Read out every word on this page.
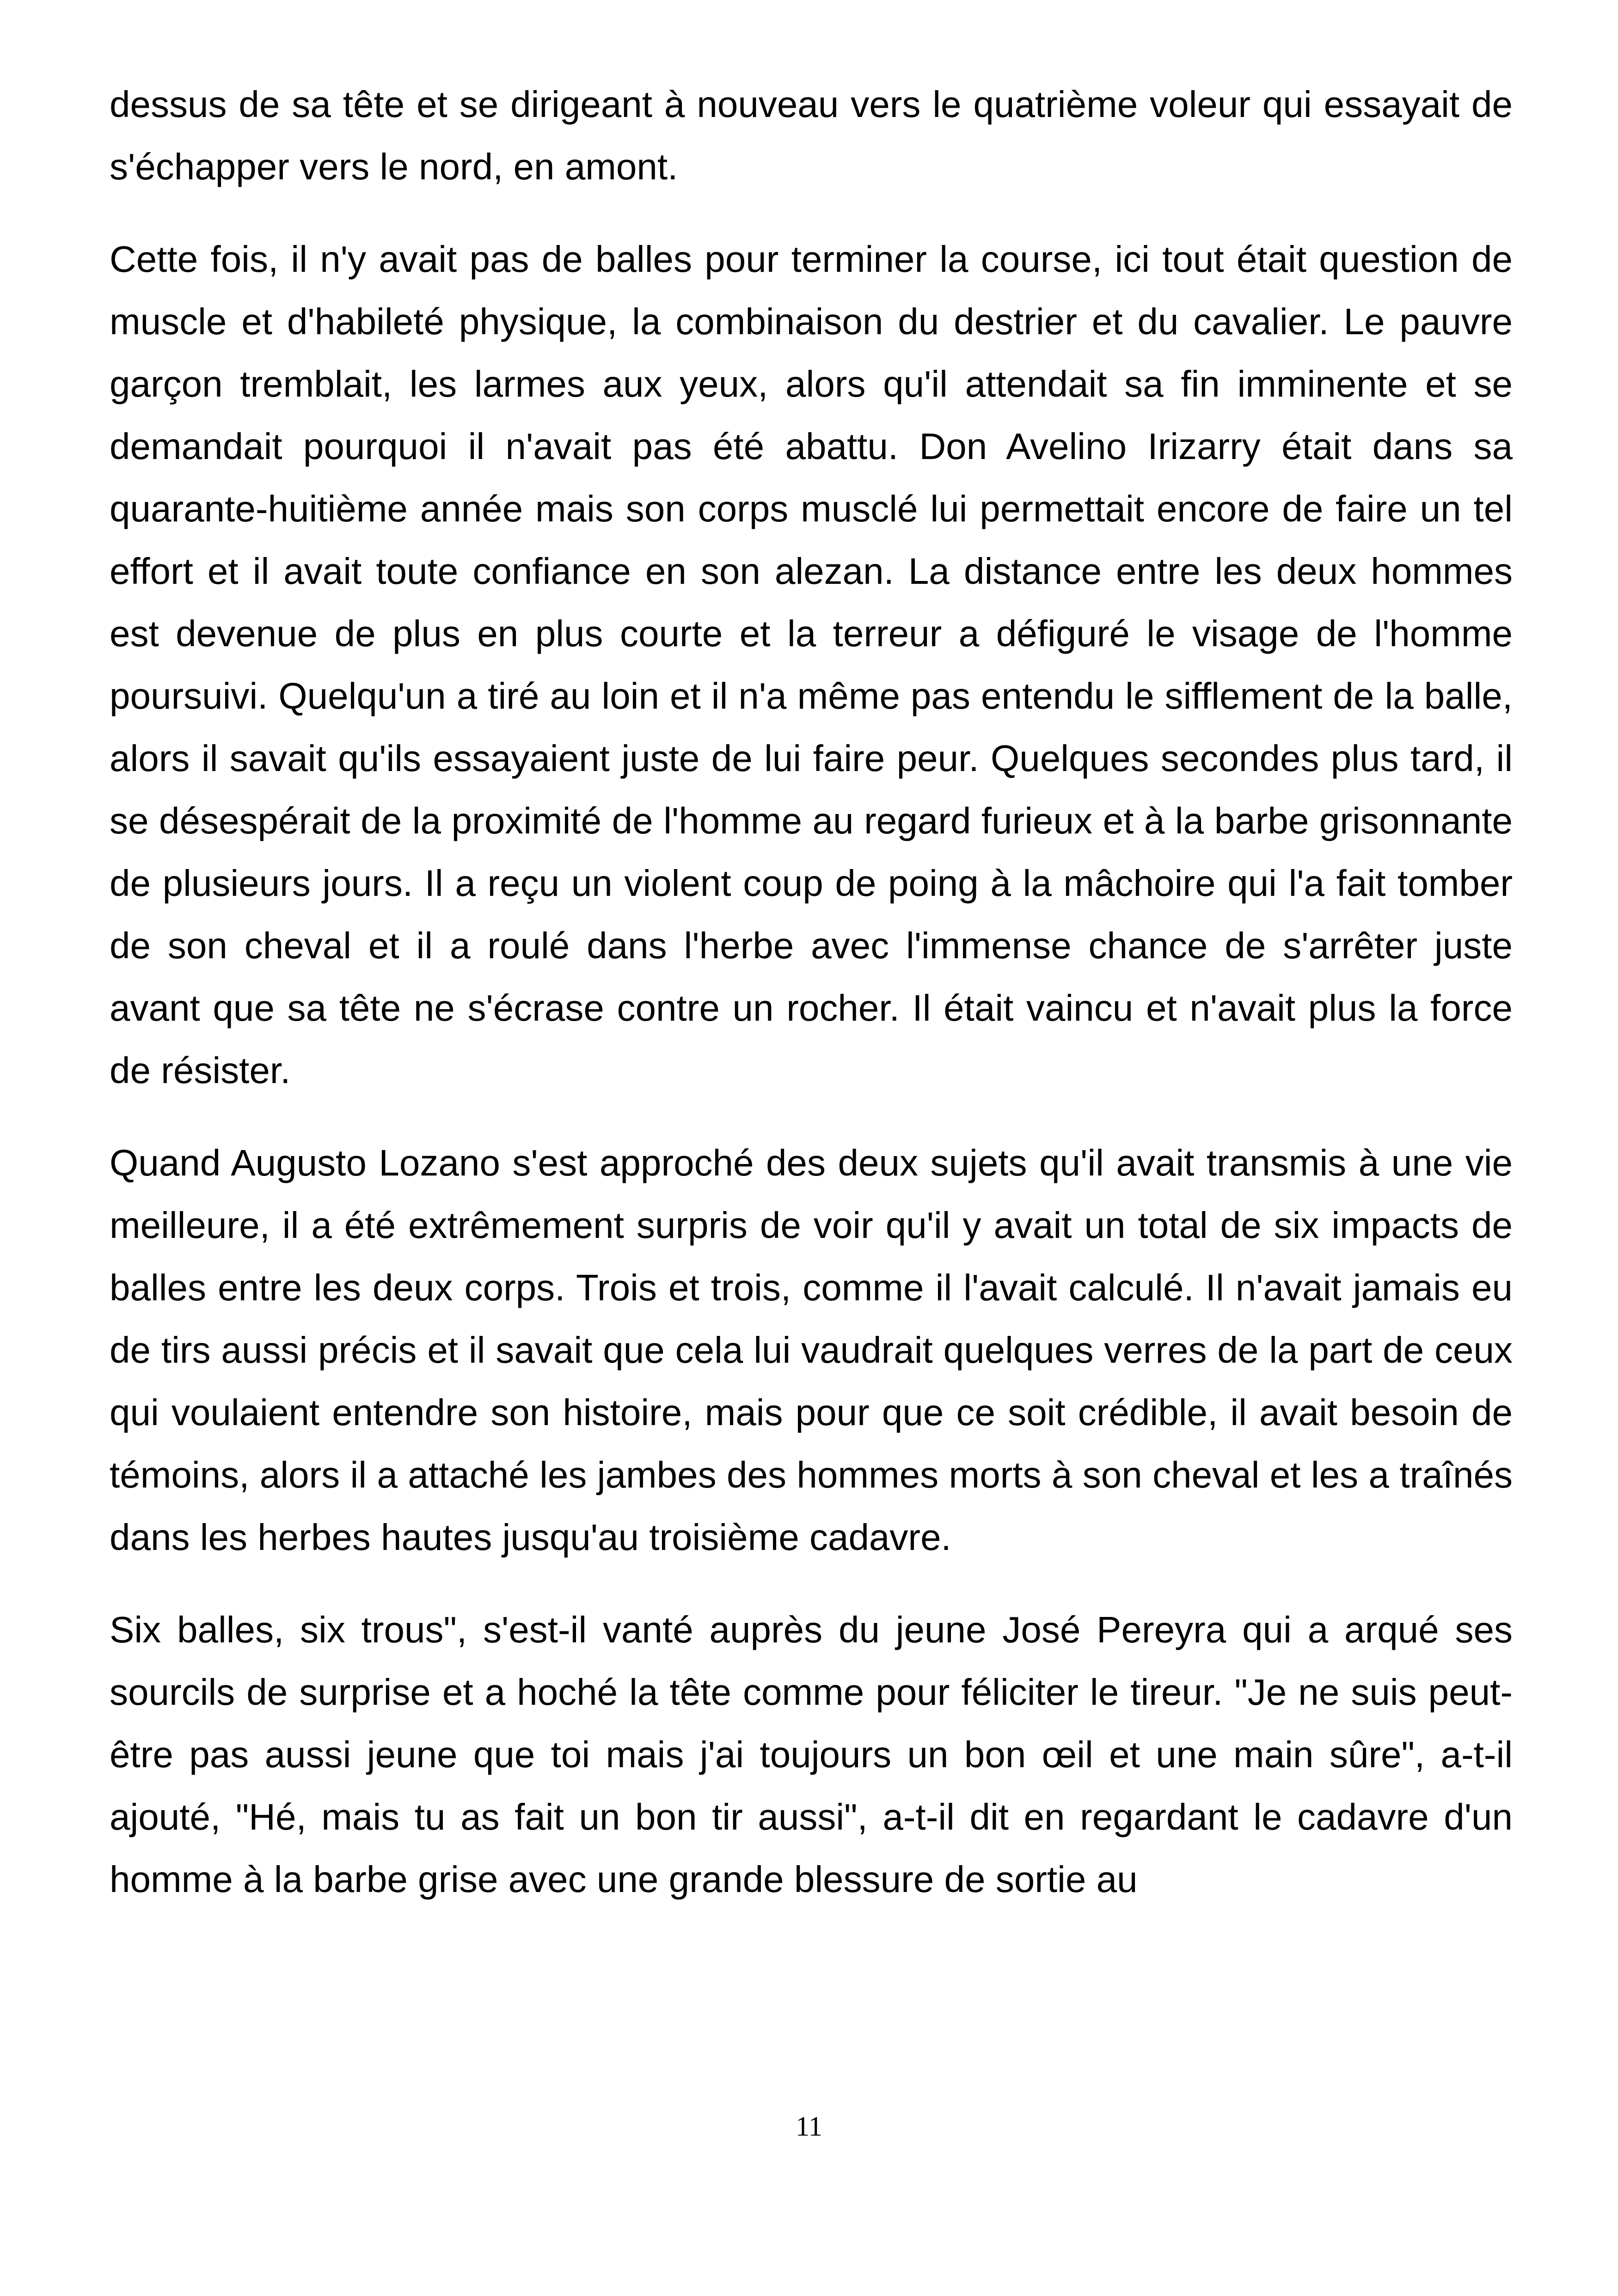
dessus de sa tête et se dirigeant à nouveau vers le quatrième voleur qui essayait de s'échapper vers le nord, en amont.

Cette fois, il n'y avait pas de balles pour terminer la course, ici tout était question de muscle et d'habileté physique, la combinaison du destrier et du cavalier. Le pauvre garçon tremblait, les larmes aux yeux, alors qu'il attendait sa fin imminente et se demandait pourquoi il n'avait pas été abattu. Don Avelino Irizarry était dans sa quarante-huitième année mais son corps musclé lui permettait encore de faire un tel effort et il avait toute confiance en son alezan. La distance entre les deux hommes est devenue de plus en plus courte et la terreur a défiguré le visage de l'homme poursuivi. Quelqu'un a tiré au loin et il n'a même pas entendu le sifflement de la balle, alors il savait qu'ils essayaient juste de lui faire peur. Quelques secondes plus tard, il se désespérait de la proximité de l'homme au regard furieux et à la barbe grisonnante de plusieurs jours. Il a reçu un violent coup de poing à la mâchoire qui l'a fait tomber de son cheval et il a roulé dans l'herbe avec l'immense chance de s'arrêter juste avant que sa tête ne s'écrase contre un rocher. Il était vaincu et n'avait plus la force de résister.

Quand Augusto Lozano s'est approché des deux sujets qu'il avait transmis à une vie meilleure, il a été extrêmement surpris de voir qu'il y avait un total de six impacts de balles entre les deux corps. Trois et trois, comme il l'avait calculé. Il n'avait jamais eu de tirs aussi précis et il savait que cela lui vaudrait quelques verres de la part de ceux qui voulaient entendre son histoire, mais pour que ce soit crédible, il avait besoin de témoins, alors il a attaché les jambes des hommes morts à son cheval et les a traînés dans les herbes hautes jusqu'au troisième cadavre.

Six balles, six trous", s'est-il vanté auprès du jeune José Pereyra qui a arqué ses sourcils de surprise et a hoché la tête comme pour féliciter le tireur. "Je ne suis peut-être pas aussi jeune que toi mais j'ai toujours un bon œil et une main sûre", a-t-il ajouté, "Hé, mais tu as fait un bon tir aussi", a-t-il dit en regardant le cadavre d'un homme à la barbe grise avec une grande blessure de sortie au

11
